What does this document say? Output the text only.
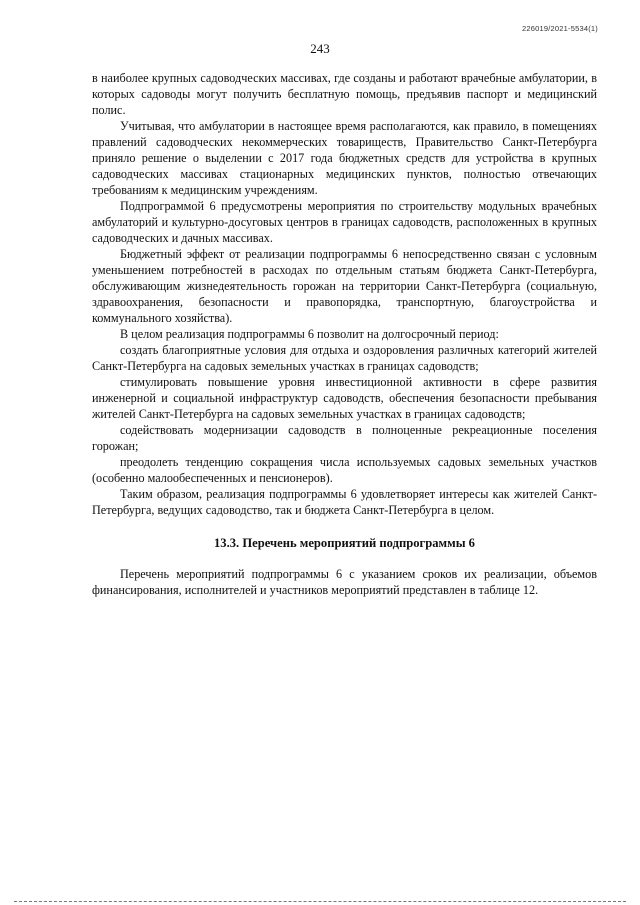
226019/2021-5534(1)
243

в наиболее крупных садоводческих массивах, где созданы и работают врачебные амбулатории, в которых садоводы могут получить бесплатную помощь, предъявив паспорт и медицинский полис.

Учитывая, что амбулатории в настоящее время располагаются, как правило, в помещениях правлений садоводческих некоммерческих товариществ, Правительство Санкт-Петербурга приняло решение о выделении с 2017 года бюджетных средств для устройства в крупных садоводческих массивах стационарных медицинских пунктов, полностью отвечающих требованиям к медицинским учреждениям.

Подпрограммой 6 предусмотрены мероприятия по строительству модульных врачебных амбулаторий и культурно-досуговых центров в границах садоводств, расположенных в крупных садоводческих и дачных массивах.

Бюджетный эффект от реализации подпрограммы 6 непосредственно связан с условным уменьшением потребностей в расходах по отдельным статьям бюджета Санкт-Петербурга, обслуживающим жизнедеятельность горожан на территории Санкт-Петербурга (социальную, здравоохранения, безопасности и правопорядка, транспортную, благоустройства и коммунального хозяйства).

В целом реализация подпрограммы 6 позволит на долгосрочный период:

создать благоприятные условия для отдыха и оздоровления различных категорий жителей Санкт-Петербурга на садовых земельных участках в границах садоводств;

стимулировать повышение уровня инвестиционной активности в сфере развития инженерной и социальной инфраструктур садоводств, обеспечения безопасности пребывания жителей Санкт-Петербурга на садовых земельных участках в границах садоводств;

содействовать модернизации садоводств в полноценные рекреационные поселения горожан;

преодолеть тенденцию сокращения числа используемых садовых земельных участков (особенно малообеспеченных и пенсионеров).

Таким образом, реализация подпрограммы 6 удовлетворяет интересы как жителей Санкт-Петербурга, ведущих садоводство, так и бюджета Санкт-Петербурга в целом.

13.3. Перечень мероприятий подпрограммы 6

Перечень мероприятий подпрограммы 6 с указанием сроков их реализации, объемов финансирования, исполнителей и участников мероприятий представлен в таблице 12.
